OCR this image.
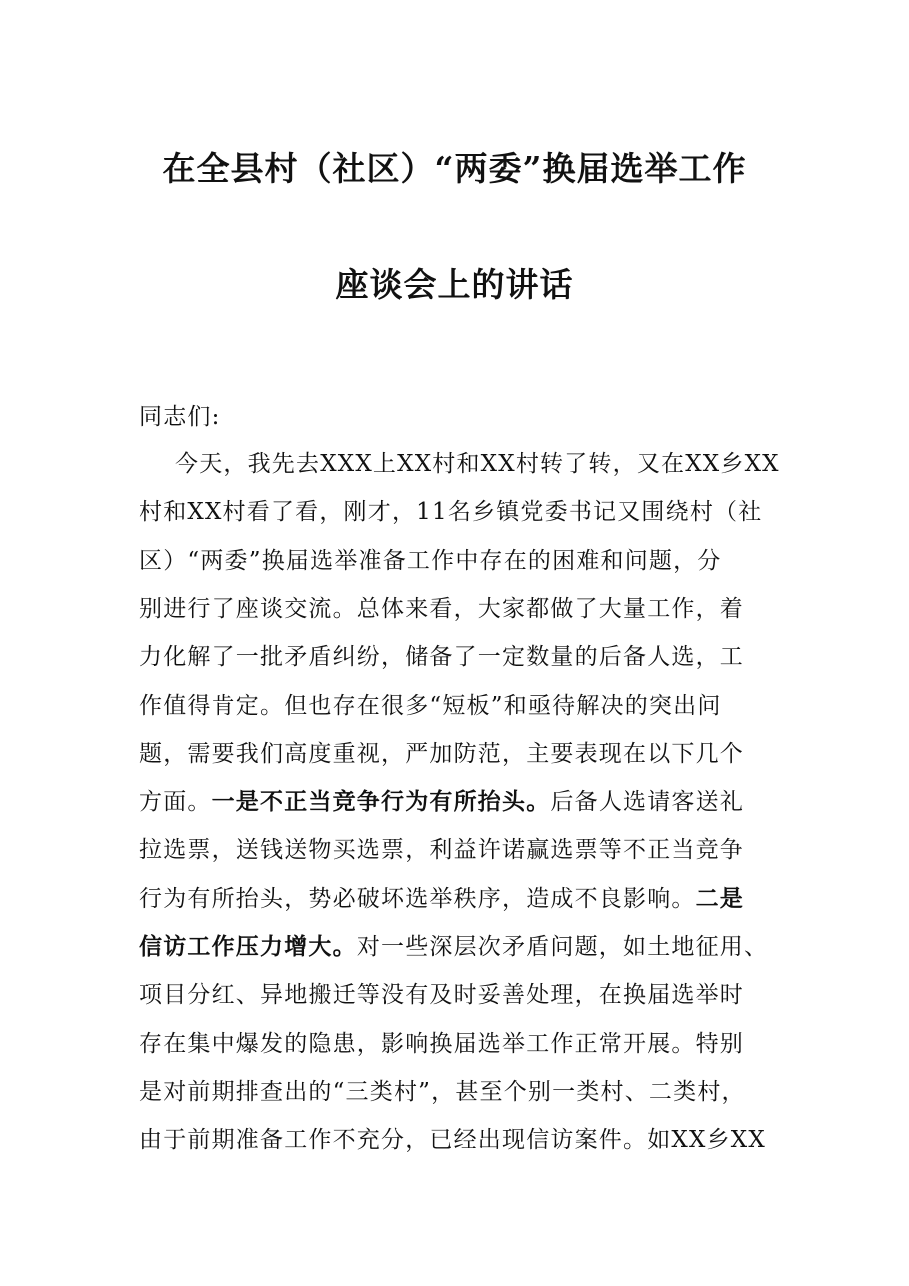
在全县村（社区）“两委”换届选举工作
座谈会上的讲话
同志们:
今天，我先去XXX上XX村和XX村转了转，又在XX乡XX
村和XX村看了看，刚才，11名乡镇党委书记又围绕村（社
区）“两委”换届选举准备工作中存在的困难和问题，分
别进行了座谈交流。总体来看，大家都做了大量工作，着
力化解了一批矛盾纠纷，储备了一定数量的后备人选，工
作值得肯定。但也存在很多“短板”和亟待解决的突出问
题，需要我们高度重视，严加防范，主要表现在以下几个
方面。一是不正当竞争行为有所抬头。后备人选请客送礼
拉选票，送钱送物买选票，利益许诺赢选票等不正当竞争
行为有所抬头，势必破坏选举秩序，造成不良影响。二是
信访工作压力增大。对一些深层次矛盾问题，如土地征用、
项目分红、异地搬迁等没有及时妥善处理，在换届选举时
存在集中爆发的隐患，影响换届选举工作正常开展。特别
是对前期排查出的“三类村”，甚至个别一类村、二类村，
由于前期准备工作不充分，已经出现信访案件。如XX乡XX
